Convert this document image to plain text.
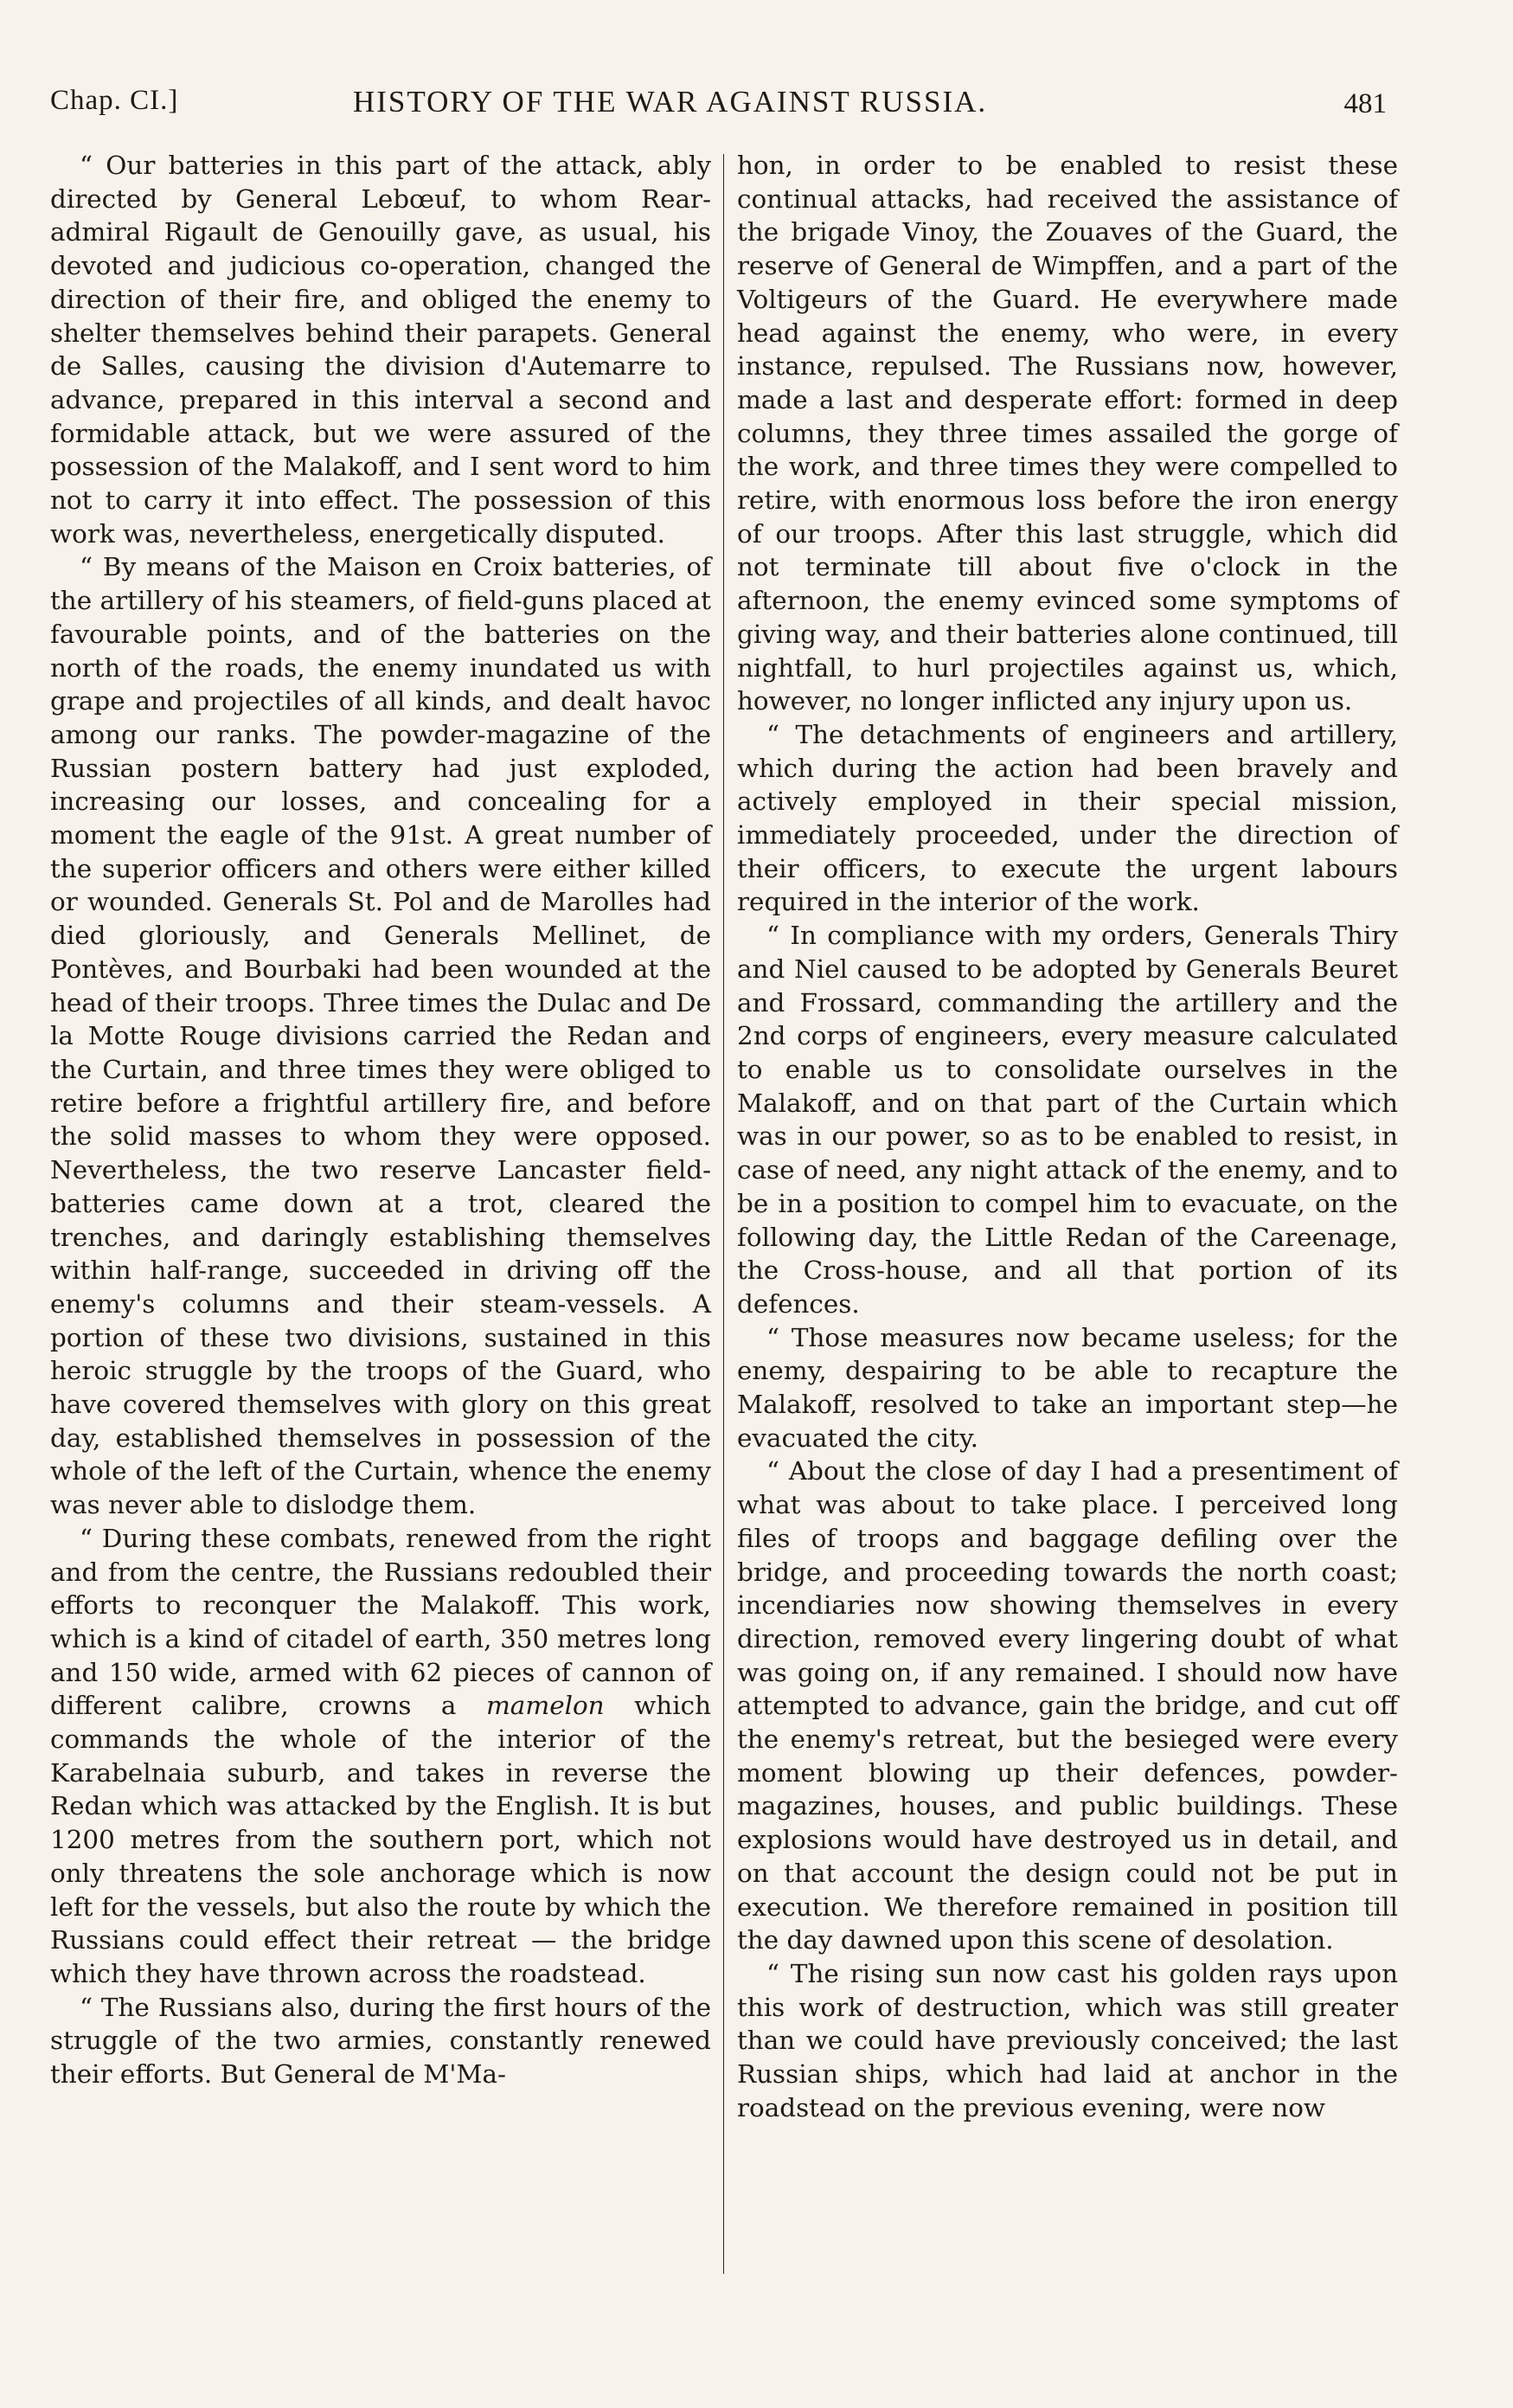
Chap. CI.]	HISTORY OF THE WAR AGAINST RUSSIA.	481

“ Our batteries in this part of the attack, ably directed by General Lebœuf, to whom Rear-admiral Rigault de Genouilly gave, as usual, his devoted and judicious co-operation, changed the direction of their fire, and obliged the enemy to shelter themselves behind their parapets. General de Salles, causing the division d'Autemarre to advance, prepared in this interval a second and formidable attack, but we were assured of the possession of the Malakoff, and I sent word to him not to carry it into effect. The possession of this work was, nevertheless, energetically disputed.

“ By means of the Maison en Croix batteries, of the artillery of his steamers, of field-guns placed at favourable points, and of the batteries on the north of the roads, the enemy inundated us with grape and projectiles of all kinds, and dealt havoc among our ranks. The powder-magazine of the Russian postern battery had just exploded, increasing our losses, and concealing for a moment the eagle of the 91st. A great number of the superior officers and others were either killed or wounded. Generals St. Pol and de Marolles had died gloriously, and Generals Mellinet, de Pontèves, and Bourbaki had been wounded at the head of their troops. Three times the Dulac and De la Motte Rouge divisions carried the Redan and the Curtain, and three times they were obliged to retire before a frightful artillery fire, and before the solid masses to whom they were opposed. Nevertheless, the two reserve Lancaster field-batteries came down at a trot, cleared the trenches, and daringly establishing themselves within half-range, succeeded in driving off the enemy's columns and their steam-vessels. A portion of these two divisions, sustained in this heroic struggle by the troops of the Guard, who have covered themselves with glory on this great day, established themselves in possession of the whole of the left of the Curtain, whence the enemy was never able to dislodge them.

“ During these combats, renewed from the right and from the centre, the Russians redoubled their efforts to reconquer the Malakoff. This work, which is a kind of citadel of earth, 350 metres long and 150 wide, armed with 62 pieces of cannon of different calibre, crowns a mamelon which commands the whole of the interior of the Karabelnaia suburb, and takes in reverse the Redan which was attacked by the English. It is but 1200 metres from the southern port, which not only threatens the sole anchorage which is now left for the vessels, but also the route by which the Russians could effect their retreat — the bridge which they have thrown across the roadstead.

“ The Russians also, during the first hours of the struggle of the two armies, constantly renewed their efforts. But General de M'Ma-

hon, in order to be enabled to resist these continual attacks, had received the assistance of the brigade Vinoy, the Zouaves of the Guard, the reserve of General de Wimpffen, and a part of the Voltigeurs of the Guard. He everywhere made head against the enemy, who were, in every instance, repulsed. The Russians now, however, made a last and desperate effort: formed in deep columns, they three times assailed the gorge of the work, and three times they were compelled to retire, with enormous loss before the iron energy of our troops. After this last struggle, which did not terminate till about five o'clock in the afternoon, the enemy evinced some symptoms of giving way, and their batteries alone continued, till nightfall, to hurl projectiles against us, which, however, no longer inflicted any injury upon us.

“ The detachments of engineers and artillery, which during the action had been bravely and actively employed in their special mission, immediately proceeded, under the direction of their officers, to execute the urgent labours required in the interior of the work.

“ In compliance with my orders, Generals Thiry and Niel caused to be adopted by Generals Beuret and Frossard, commanding the artillery and the 2nd corps of engineers, every measure calculated to enable us to consolidate ourselves in the Malakoff, and on that part of the Curtain which was in our power, so as to be enabled to resist, in case of need, any night attack of the enemy, and to be in a position to compel him to evacuate, on the following day, the Little Redan of the Careenage, the Cross-house, and all that portion of its defences.

“ Those measures now became useless; for the enemy, despairing to be able to recapture the Malakoff, resolved to take an important step—he evacuated the city.

“ About the close of day I had a presentiment of what was about to take place. I perceived long files of troops and baggage defiling over the bridge, and proceeding towards the north coast; incendiaries now showing themselves in every direction, removed every lingering doubt of what was going on, if any remained. I should now have attempted to advance, gain the bridge, and cut off the enemy's retreat, but the besieged were every moment blowing up their defences, powder-magazines, houses, and public buildings. These explosions would have destroyed us in detail, and on that account the design could not be put in execution. We therefore remained in position till the day dawned upon this scene of desolation.

“ The rising sun now cast his golden rays upon this work of destruction, which was still greater than we could have previously conceived; the last Russian ships, which had laid at anchor in the roadstead on the previous evening, were now
